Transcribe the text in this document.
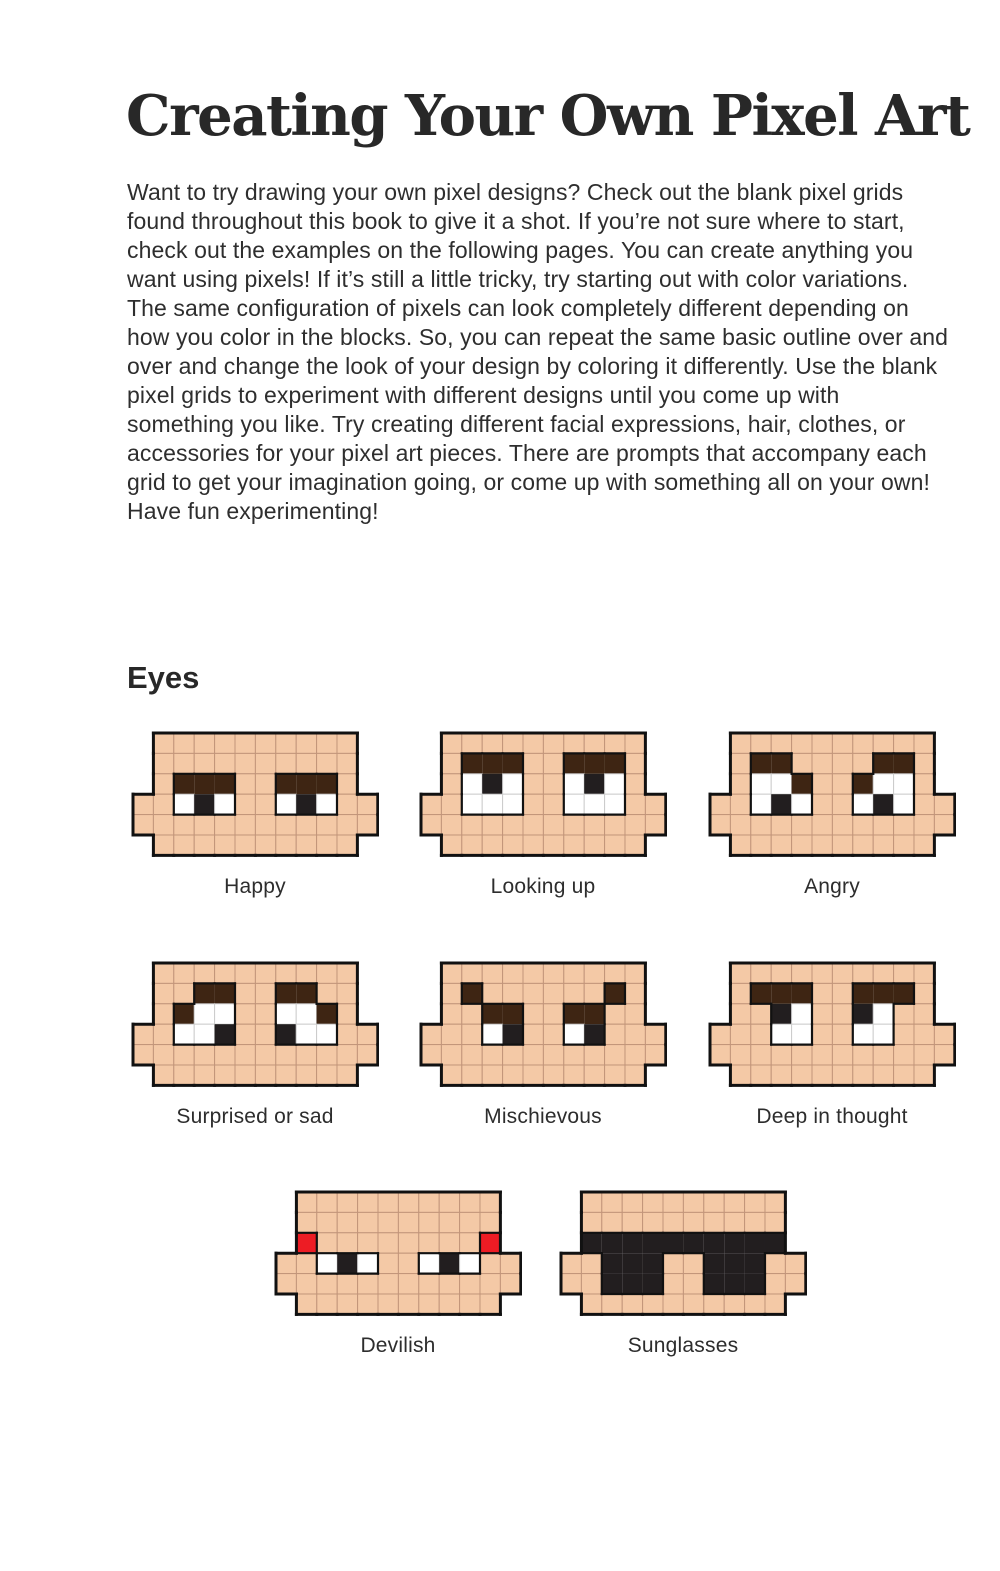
Creating Your Own Pixel Art

Want to try drawing your own pixel designs? Check out the blank pixel grids found throughout this book to give it a shot. If you’re not sure where to start, check out the examples on the following pages. You can create anything you want using pixels! If it’s still a little tricky, try starting out with color variations. The same configuration of pixels can look completely different depending on how you color in the blocks. So, you can repeat the same basic outline over and over and change the look of your design by coloring it differently. Use the blank pixel grids to experiment with different designs until you come up with something you like. Try creating different facial expressions, hair, clothes, or accessories for your pixel art pieces. There are prompts that accompany each grid to get your imagination going, or come up with something all on your own! Have fun experimenting!

Eyes
Happy	Looking up	Angry
Surprised or sad	Mischievous	Deep in thought
Devilish	Sunglasses
